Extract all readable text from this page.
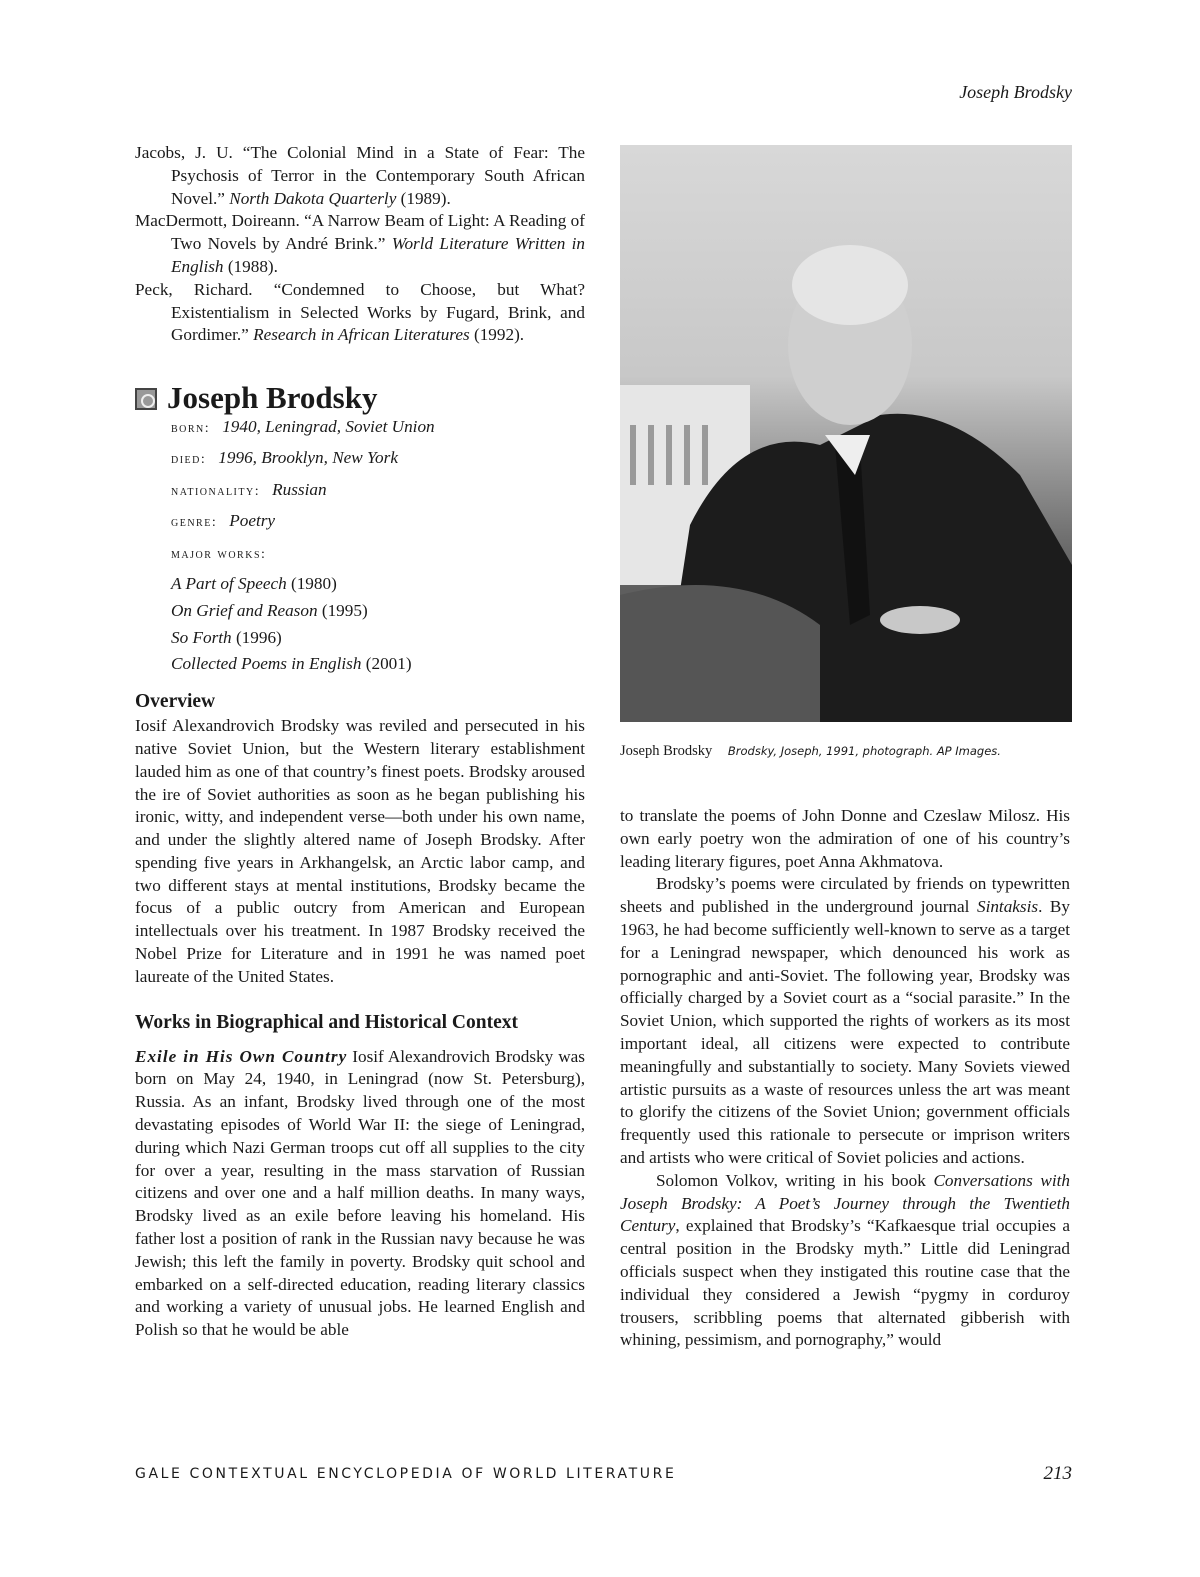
Joseph Brodsky

Jacobs, J. U. “The Colonial Mind in a State of Fear: The Psychosis of Terror in the Contemporary South African Novel.” North Dakota Quarterly (1989).

MacDermott, Doireann. “A Narrow Beam of Light: A Reading of Two Novels by André Brink.” World Literature Written in English (1988).

Peck, Richard. “Condemned to Choose, but What? Existentialism in Selected Works by Fugard, Brink, and Gordimer.” Research in African Literatures (1992).

Joseph Brodsky
born: 1940, Leningrad, Soviet Union
died: 1996, Brooklyn, New York
nationality: Russian
genre: Poetry
major works:
A Part of Speech (1980)
On Grief and Reason (1995)
So Forth (1996)
Collected Poems in English (2001)
Overview

Iosif Alexandrovich Brodsky was reviled and persecuted in his native Soviet Union, but the Western literary establishment lauded him as one of that country’s finest poets. Brodsky aroused the ire of Soviet authorities as soon as he began publishing his ironic, witty, and independent verse—both under his own name, and under the slightly altered name of Joseph Brodsky. After spending five years in Arkhangelsk, an Arctic labor camp, and two different stays at mental institutions, Brodsky became the focus of a public outcry from American and European intellectuals over his treatment. In 1987 Brodsky received the Nobel Prize for Literature and in 1991 he was named poet laureate of the United States.

Works in Biographical and Historical Context

Exile in His Own Country Iosif Alexandrovich Brodsky was born on May 24, 1940, in Leningrad (now St. Petersburg), Russia. As an infant, Brodsky lived through one of the most devastating episodes of World War II: the siege of Leningrad, during which Nazi German troops cut off all supplies to the city for over a year, resulting in the mass starvation of Russian citizens and over one and a half million deaths. In many ways, Brodsky lived as an exile before leaving his homeland. His father lost a position of rank in the Russian navy because he was Jewish; this left the family in poverty. Brodsky quit school and embarked on a self-directed education, reading literary classics and working a variety of unusual jobs. He learned English and Polish so that he would be able

Joseph Brodsky Brodsky, Joseph, 1991, photograph. AP Images.

to translate the poems of John Donne and Czeslaw Milosz. His own early poetry won the admiration of one of his country’s leading literary figures, poet Anna Akhmatova.

Brodsky’s poems were circulated by friends on typewritten sheets and published in the underground journal Sintaksis. By 1963, he had become sufficiently well-known to serve as a target for a Leningrad newspaper, which denounced his work as pornographic and anti-Soviet. The following year, Brodsky was officially charged by a Soviet court as a “social parasite.” In the Soviet Union, which supported the rights of workers as its most important ideal, all citizens were expected to contribute meaningfully and substantially to society. Many Soviets viewed artistic pursuits as a waste of resources unless the art was meant to glorify the citizens of the Soviet Union; government officials frequently used this rationale to persecute or imprison writers and artists who were critical of Soviet policies and actions.

Solomon Volkov, writing in his book Conversations with Joseph Brodsky: A Poet’s Journey through the Twentieth Century, explained that Brodsky’s “Kafkaesque trial occupies a central position in the Brodsky myth.” Little did Leningrad officials suspect when they instigated this routine case that the individual they considered a Jewish “pygmy in corduroy trousers, scribbling poems that alternated gibberish with whining, pessimism, and pornography,” would

GALE CONTEXTUAL ENCYCLOPEDIA OF WORLD LITERATURE	213
